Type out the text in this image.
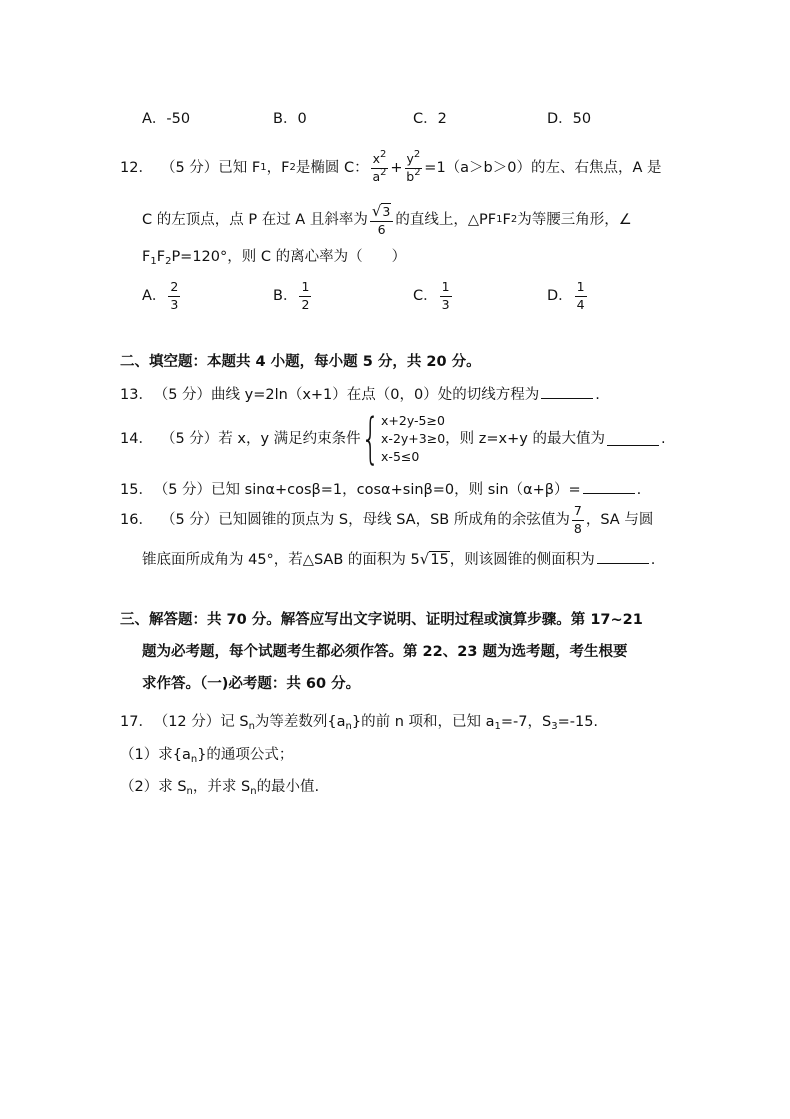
A．-50	B．0	C．2	D．50
12． （5 分） 已知 F 1 ，F 2 是椭圆 C： $\frac{x^2}{a^2} + \frac{y^2}{b^2} =1(a>b>0)$的左、右焦点，A 是
C 的左顶点，点 P 在过 A 且斜率为 $\frac{√3}{6}$ 的直线上，△PF 1 F 2 为等腰三角形，∠
$F_1F_2P=120^\circ$，则 C 的离心率为（　　）
A． $\frac{2}{3}$	B． $\frac{1}{2}$	C． $\frac{1}{3}$	D． $\frac{1}{4}$
二、填空题：本题共 4 小题，每小题 5 分，共 20 分。
13． （5 分）曲线 y=2ln（x+1）在点（0，0）处的切线方程为	.
14． （5 分）若 x，y 满足约束条件 { x+2y-5≥0
x-2y+3≥0
x-5≤0
，则 z=x+y 的最大值为	.
15． （5 分）已知 sinα+cosβ=1，cosα+sinβ=0，则 sin（α+β）=	.
16． （5 分）已知圆锥的顶点为 S，母线 SA，SB 所成角的余弦值为 $\frac{7}{8}$ ，SA 与圆
锥底面所成角为 45°，若△SAB 的面积为 5√15，则该圆锥的侧面积为	.
三、解答题：共 70 分。解答应写出文字说明、证明过程或演算步骤。第 17~21
题为必考题，每个试题考生都必须作答。第 22、23 题为选考题，考生根要
求作答。（一)必考题：共 60 分。
17． （12 分）记 $S_n$为等差数列$\{a_n\}$的前 n 项和，已知 $a_1=-7$，$S_3=-15$.
（1）求$\{a_n\}$的通项公式；
（2）求 $S_n$，并求 $S_n$的最小值.
